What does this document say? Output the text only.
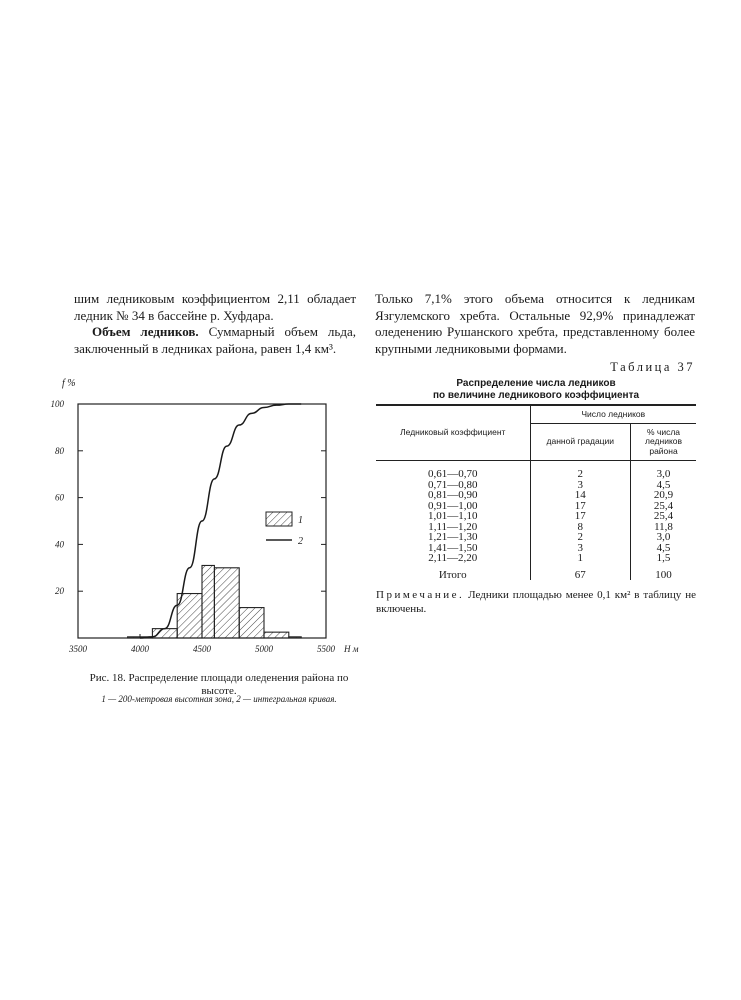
шим ледниковым коэффициентом 2,11 обладает ледник № 34 в бассейне р. Хуфдара.

Объем ледников. Суммарный объем льда, заключенный в ледниках района, равен 1,4 км³.

Только 7,1% этого объема относится к ледникам Язгулемского хребта. Остальные 92,9% принадлежат оледенению Рушанского хребта, представленному более крупными ледниковыми формами.

Таблица 37
Распределение числа ледников
по величине ледникового коэффициента
Ледниковый коэффициент	Число ледников	
	данной градации	% числа ледников района
0,61—0,70	2	3,0
0,71—0,80	3	4,5
0,81—0,90	14	20,9
0,91—1,00	17	25,4
1,01—1,10	17	25,4
1,11—1,20	8	11,8
1,21—1,30	2	3,0
1,41—1,50	3	4,5
2,11—2,20	1	1,5
Итого	67	100
Примечание. Ледники площадью менее 0,1 км² в таблицу не включены.
20
40
60
80
100
3500	4000	4500	5000	5500
f %
Н м
1
2
Рис. 18. Распределение площади оледенения района по высоте.
1 — 200-метровая высотная зона, 2 — интегральная кривая.
